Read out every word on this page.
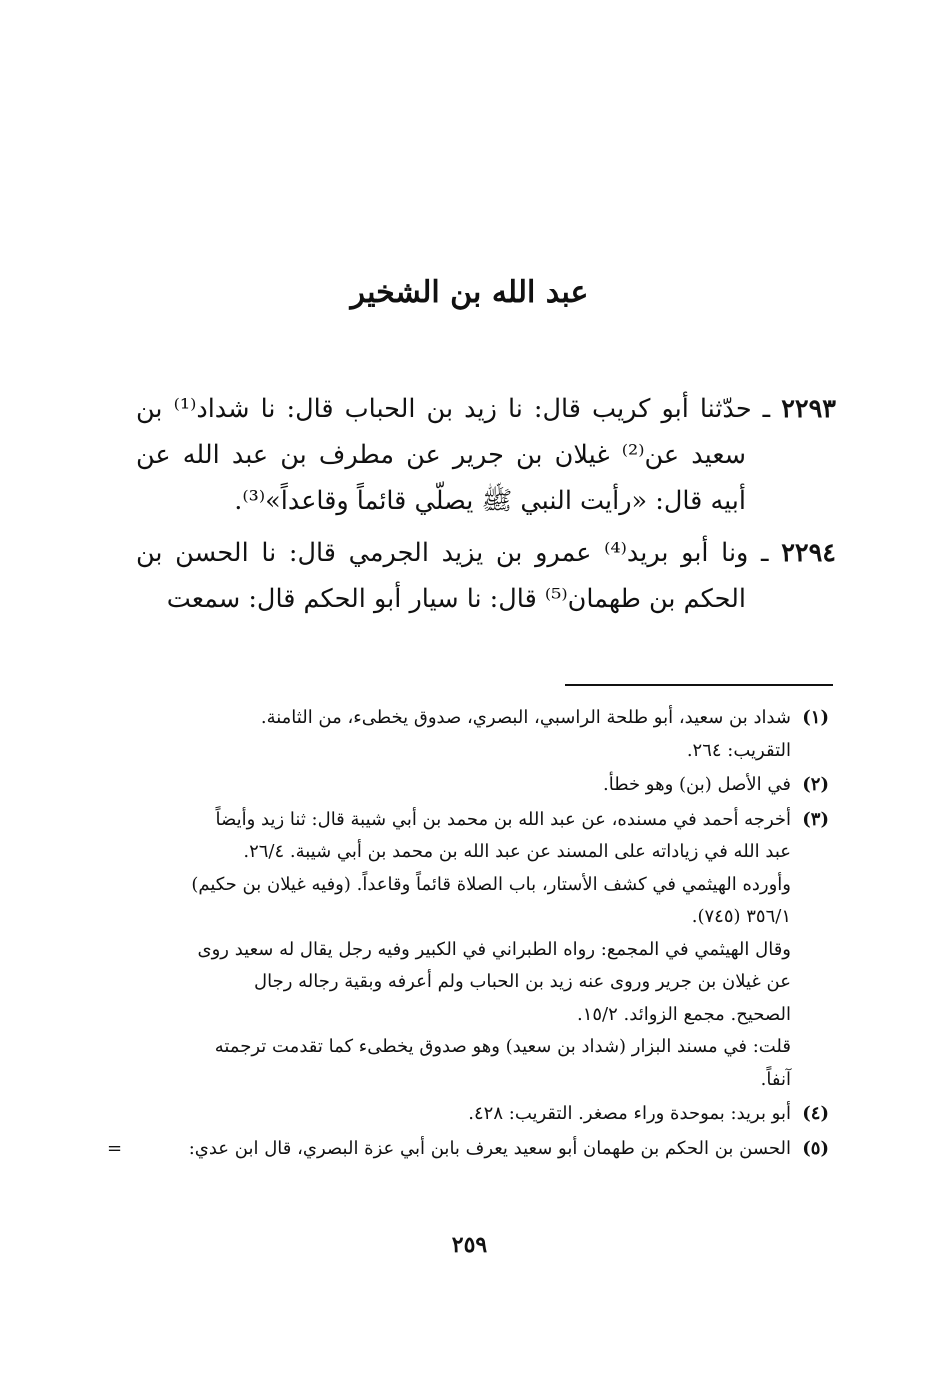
عبد الله بن الشخير

٢٢٩٣ ـ حدّثنا أبو كريب قال: نا زيد بن الحباب قال: نا شداد⁽¹⁾ بن سعيد عن⁽²⁾ غيلان بن جرير عن مطرف بن عبد الله عن أبيه قال: «رأيت النبي ﷺ يصلّي قائماً وقاعداً»⁽³⁾.

٢٢٩٤ ـ ونا أبو بريد⁽⁴⁾ عمرو بن يزيد الجرمي قال: نا الحسن بن الحكم بن طهمان⁽⁵⁾ قال: نا سيار أبو الحكم قال: سمعت

(١)
شداد بن سعيد، أبو طلحة الراسبي، البصري، صدوق يخطىء، من الثامنة.
التقريب: ٢٦٤.
(٢)
في الأصل (بن) وهو خطأ.
(٣)
أخرجه أحمد في مسنده، عن عبد الله بن محمد بن أبي شيبة قال: ثنا زيد وأيضاً
عبد الله في زياداته على المسند عن عبد الله بن محمد بن أبي شيبة. ٢٦/٤.
وأورده الهيثمي في كشف الأستار، باب الصلاة قائماً وقاعداً. (وفيه غيلان بن حكيم)
٣٥٦/١ (٧٤٥).
وقال الهيثمي في المجمع: رواه الطبراني في الكبير وفيه رجل يقال له سعيد روى
عن غيلان بن جرير وروى عنه زيد بن الحباب ولم أعرفه وبقية رجاله رجال
الصحيح. مجمع الزوائد. ١٥/٢.
قلت: في مسند البزار (شداد بن سعيد) وهو صدوق يخطىء كما تقدمت ترجمته
آنفاً.
(٤)
أبو بريد: بموحدة وراء مصغر. التقريب: ٤٢٨.
(٥)
الحسن بن الحكم بن طهمان أبو سعيد يعرف بابن أبي عزة البصري، قال ابن عدي:
=
٢٥٩
